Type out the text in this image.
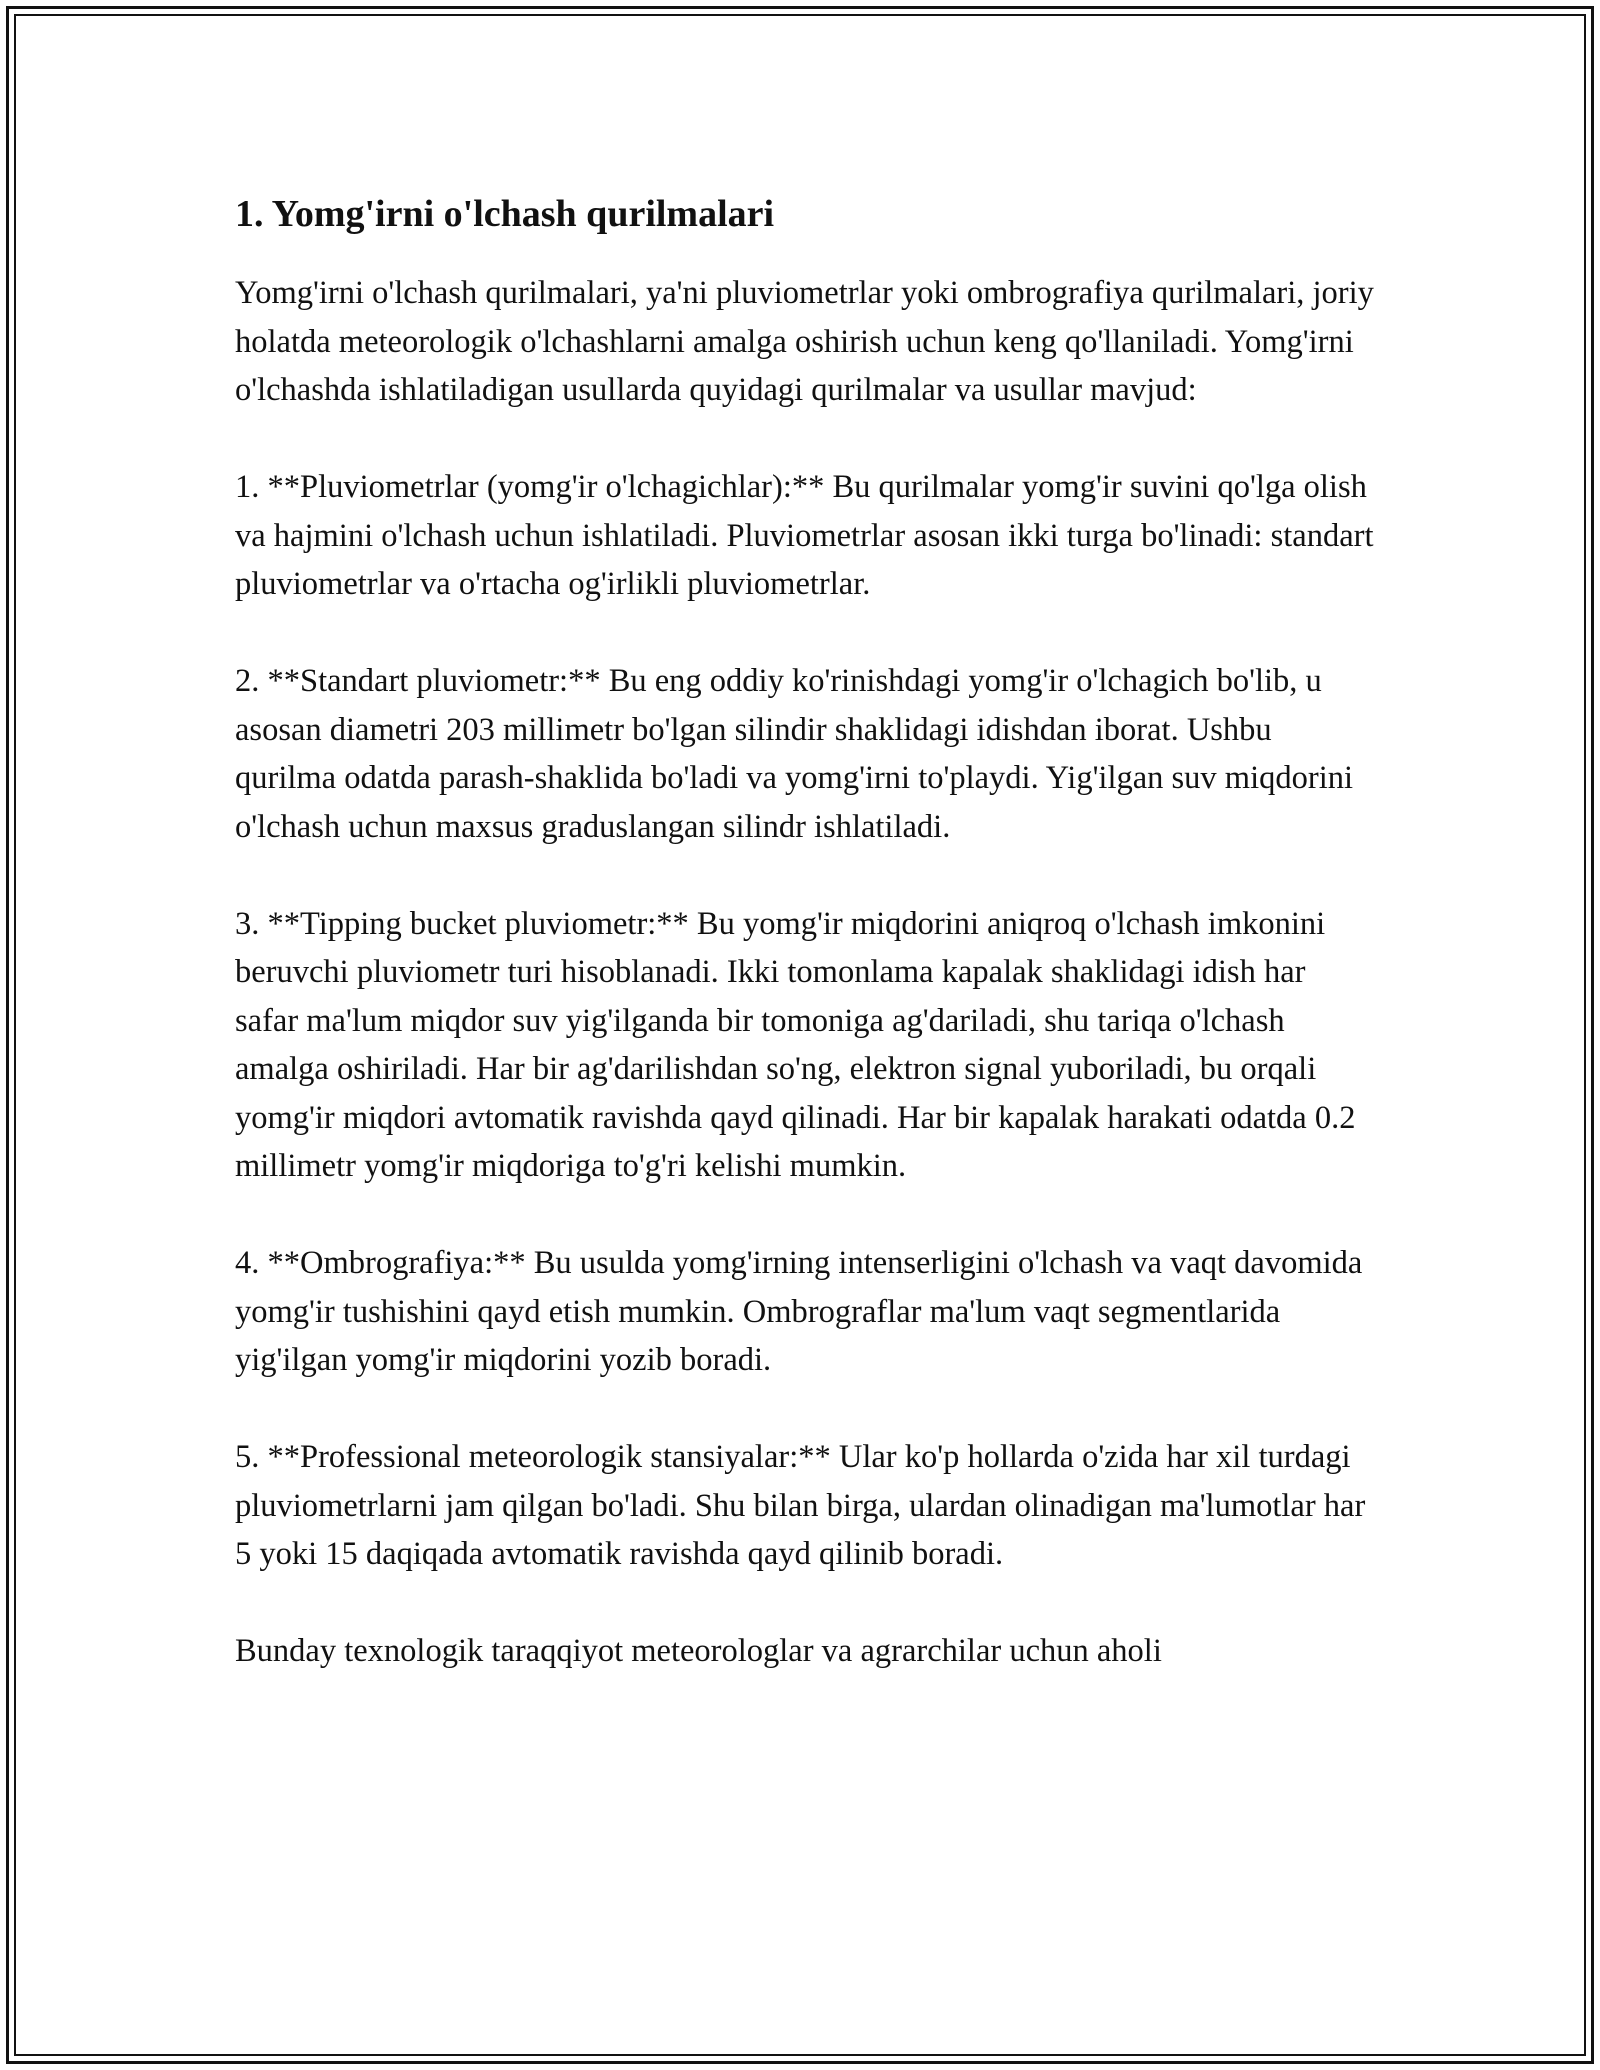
1. Yomg'irni o'lchash qurilmalari

Yomg'irni o'lchash qurilmalari, ya'ni pluviometrlar yoki ombrografiya qurilmalari, joriy holatda meteorologik o'lchashlarni amalga oshirish uchun keng qo'llaniladi. Yomg'irni o'lchashda ishlatiladigan usullarda quyidagi qurilmalar va usullar mavjud:

1. **Pluviometrlar (yomg'ir o'lchagichlar):** Bu qurilmalar yomg'ir suvini qo'lga olish va hajmini o'lchash uchun ishlatiladi. Pluviometrlar asosan ikki turga bo'linadi: standart pluviometrlar va o'rtacha og'irlikli pluviometrlar.

2. **Standart pluviometr:** Bu eng oddiy ko'rinishdagi yomg'ir o'lchagich bo'lib, u asosan diametri 203 millimetr bo'lgan silindir shaklidagi idishdan iborat. Ushbu qurilma odatda parash-shaklida bo'ladi va yomg'irni to'playdi. Yig'ilgan suv miqdorini o'lchash uchun maxsus graduslangan silindr ishlatiladi.

3. **Tipping bucket pluviometr:** Bu yomg'ir miqdorini aniqroq o'lchash imkonini beruvchi pluviometr turi hisoblanadi. Ikki tomonlama kapalak shaklidagi idish har safar ma'lum miqdor suv yig'ilganda bir tomoniga ag'dariladi, shu tariqa o'lchash amalga oshiriladi. Har bir ag'darilishdan so'ng, elektron signal yuboriladi, bu orqali yomg'ir miqdori avtomatik ravishda qayd qilinadi. Har bir kapalak harakati odatda 0.2 millimetr yomg'ir miqdoriga to'g'ri kelishi mumkin.

4. **Ombrografiya:** Bu usulda yomg'irning intenserligini o'lchash va vaqt davomida yomg'ir tushishini qayd etish mumkin. Ombrograflar ma'lum vaqt segmentlarida yig'ilgan yomg'ir miqdorini yozib boradi.

5. **Professional meteorologik stansiyalar:** Ular ko'p hollarda o'zida har xil turdagi pluviometrlarni jam qilgan bo'ladi. Shu bilan birga, ulardan olinadigan ma'lumotlar har 5 yoki 15 daqiqada avtomatik ravishda qayd qilinib boradi.

Bunday texnologik taraqqiyot meteorologlar va agrarchilar uchun aholi
